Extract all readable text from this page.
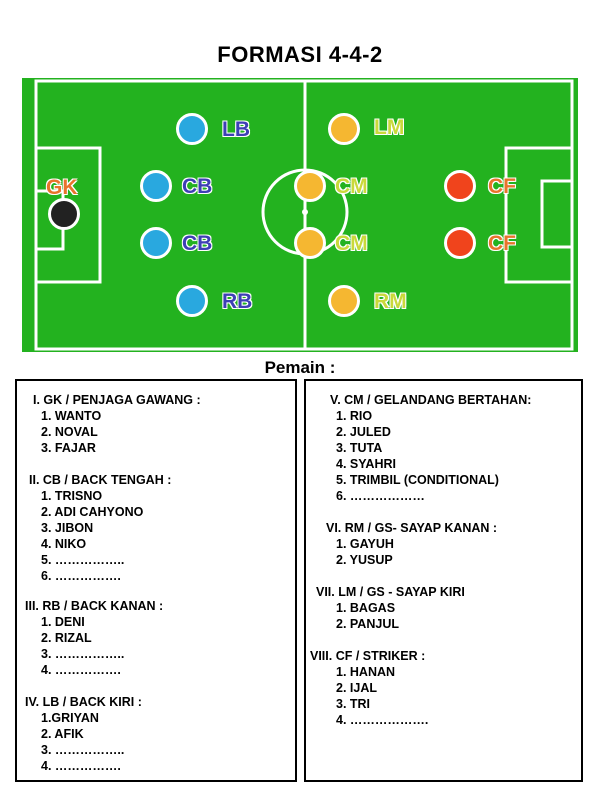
FORMASI 4-4-2
GK
LB
CB
CB
RB
LM
CM
CM
RM
CF
CF
Pemain :
I. GK / PENJAGA GAWANG :
1. WANTO
2. NOVAL
3. FAJAR
II. CB / BACK TENGAH :
1. TRISNO
2. ADI CAHYONO
3. JIBON
4. NIKO
5. ……………..
6. …………….
III. RB / BACK KANAN :
1. DENI
2. RIZAL
3. ……………..
4. …………….
IV. LB / BACK KIRI :
1.GRIYAN
2. AFIK
3. ……………..
4. …………….
V. CM / GELANDANG BERTAHAN:
1. RIO
2. JULED
3. TUTA
4. SYAHRI
5. TRIMBIL (CONDITIONAL)
6. ………………
VI. RM / GS- SAYAP KANAN :
1. GAYUH
2. YUSUP
VII. LM / GS - SAYAP KIRI
1. BAGAS
2. PANJUL
VIII. CF / STRIKER :
1. HANAN
2. IJAL
3. TRI
4. ……………….
